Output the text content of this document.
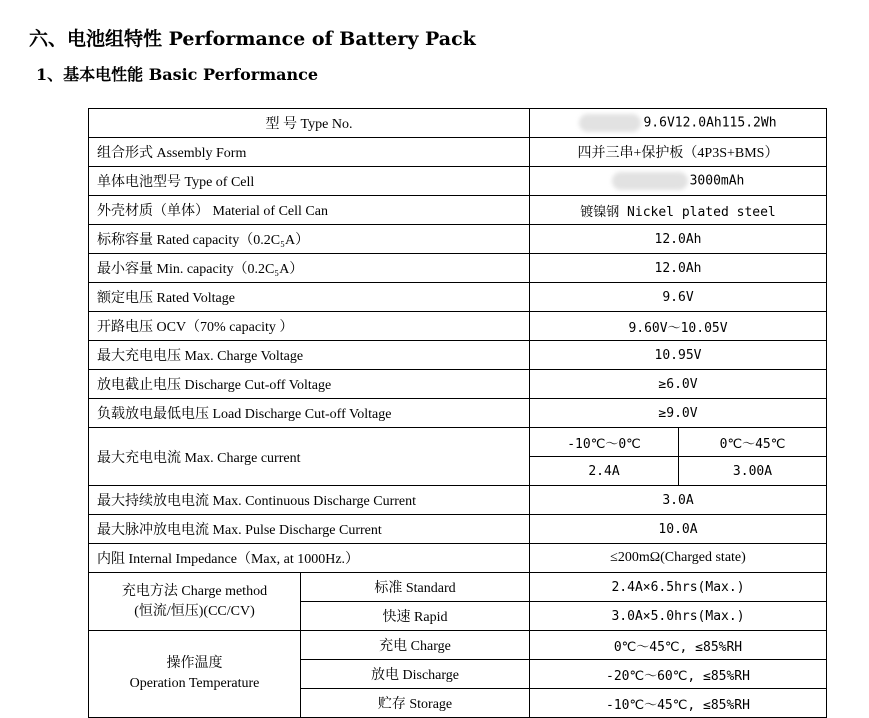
六、电池组特性 Performance of Battery Pack
1、基本电性能 Basic Performance
型 号 Type No.		9.6V12.0Ah115.2Wh	
组合形式 Assembly Form		四并三串+保护板（4P3S+BMS）	
单体电池型号 Type of Cell		3000mAh	
外壳材质（单体） Material of Cell Can		镀镍钢 Nickel plated steel	
标称容量 Rated capacity（0.2C₅A）		12.0Ah	
最小容量 Min. capacity（0.2C₅A）		12.0Ah	
额定电压 Rated Voltage		9.6V	
开路电压 OCV（70% capacity ）		9.60V～10.05V	
最大充电电压 Max. Charge Voltage		10.95V	
放电截止电压 Discharge Cut-off Voltage		≥6.0V	
负载放电最低电压 Load Discharge Cut-off Voltage		≥9.0V	
最大充电电流 Max. Charge current		-10℃～0℃	0℃～45℃
		2.4A	3.00A
最大持续放电电流 Max. Continuous Discharge Current		3.0A	
最大脉冲放电电流 Max. Pulse Discharge Current		10.0A	
内阻 Internal Impedance（Max, at 1000Hz.）		≤200mΩ(Charged state)	

充电方法 Charge method
(恒流/恒压)(CC/CV)	标准 Standard	2.4A×6.5hrs(Max.)	
	快速 Rapid	3.0A×5.0hrs(Max.)	

操作温度
Operation Temperature	充电 Charge	0℃～45℃, ≤85%RH	
	放电 Discharge	-20℃～60℃, ≤85%RH	
	贮存 Storage	-10℃～45℃, ≤85%RH	
